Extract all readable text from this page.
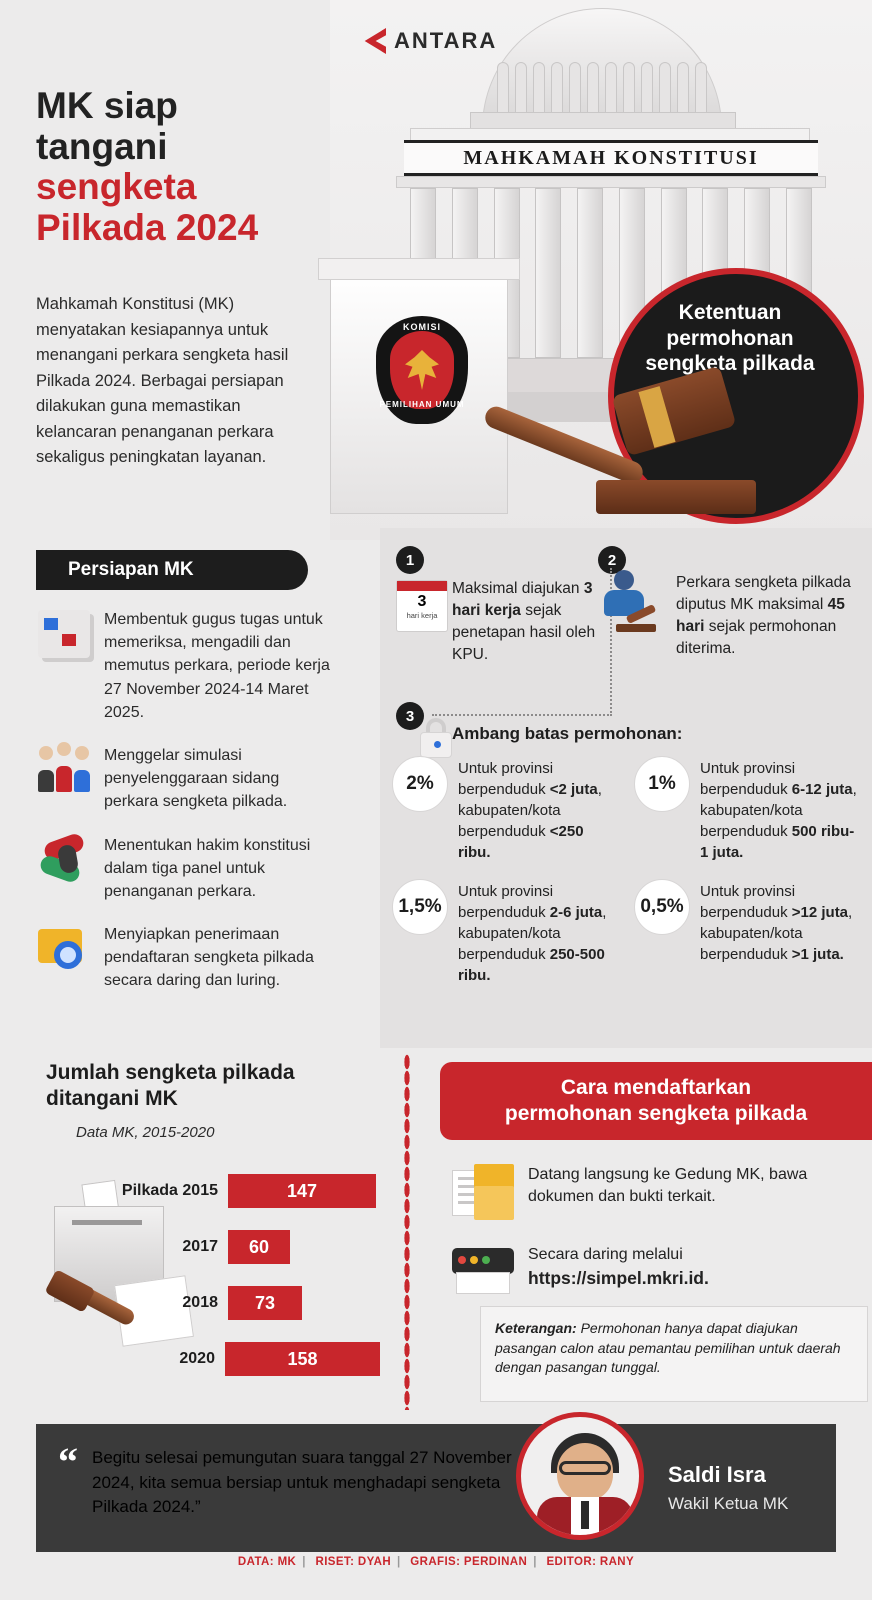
MAHKAMAH KONSTITUSI
ANTARA
KOMISI
PEMILIHAN UMUM
Ketentuan permohonan sengketa pilkada
MK siap
tangani
sengketa
Pilkada 2024
Mahkamah Konstitusi (MK) menyatakan kesiapannya untuk menangani perkara sengketa hasil Pilkada 2024. Berbagai persiapan dilakukan guna memastikan kelancaran penanganan perkara sekaligus peningkatan layanan.
Persiapan MK
Membentuk gugus tugas untuk memeriksa, mengadili dan memutus perkara, periode kerja 27 November 2024-14 Maret 2025.
Menggelar simulasi penyelenggaraan sidang perkara sengketa pilkada.
Menentukan hakim konstitusi dalam tiga panel untuk penanganan perkara.
Menyiapkan penerimaan pendaftaran sengketa pilkada secara daring dan luring.
1	2
3
3
hari kerja
Maksimal diajukan 3 hari kerja sejak penetapan hasil oleh KPU.
Perkara sengketa pilkada diputus MK maksimal 45 hari sejak permohonan diterima.
Ambang batas permohonan:
2%
Untuk provinsi berpenduduk <2 juta, kabupaten/kota berpenduduk <250 ribu.
1%
Untuk provinsi berpenduduk 6-12 juta, kabupaten/kota berpenduduk 500 ribu-1 juta.
1,5%
Untuk provinsi berpenduduk 2-6 juta, kabupaten/kota berpenduduk 250-500 ribu.
0,5%
Untuk provinsi berpenduduk >12 juta, kabupaten/kota berpenduduk >1 juta.
Jumlah sengketa pilkada ditangani MK
Data MK, 2015-2020
Pilkada 2015	147
2017	60
2018	73
2020	158
Cara mendaftarkan
permohonan sengketa pilkada
Datang langsung ke Gedung MK, bawa dokumen dan bukti terkait.
Secara daring melalui
https://simpel.mkri.id.
Keterangan: Permohonan hanya dapat diajukan pasangan calon atau pemantau pemilihan untuk daerah dengan pasangan tunggal.
“ Begitu selesai pemungutan suara tanggal 27 November 2024, kita semua bersiap untuk menghadapi sengketa Pilkada 2024.”
Saldi Isra
Wakil Ketua MK
DATA: MK | RISET: DYAH | GRAFIS: PERDINAN | EDITOR: RANY
